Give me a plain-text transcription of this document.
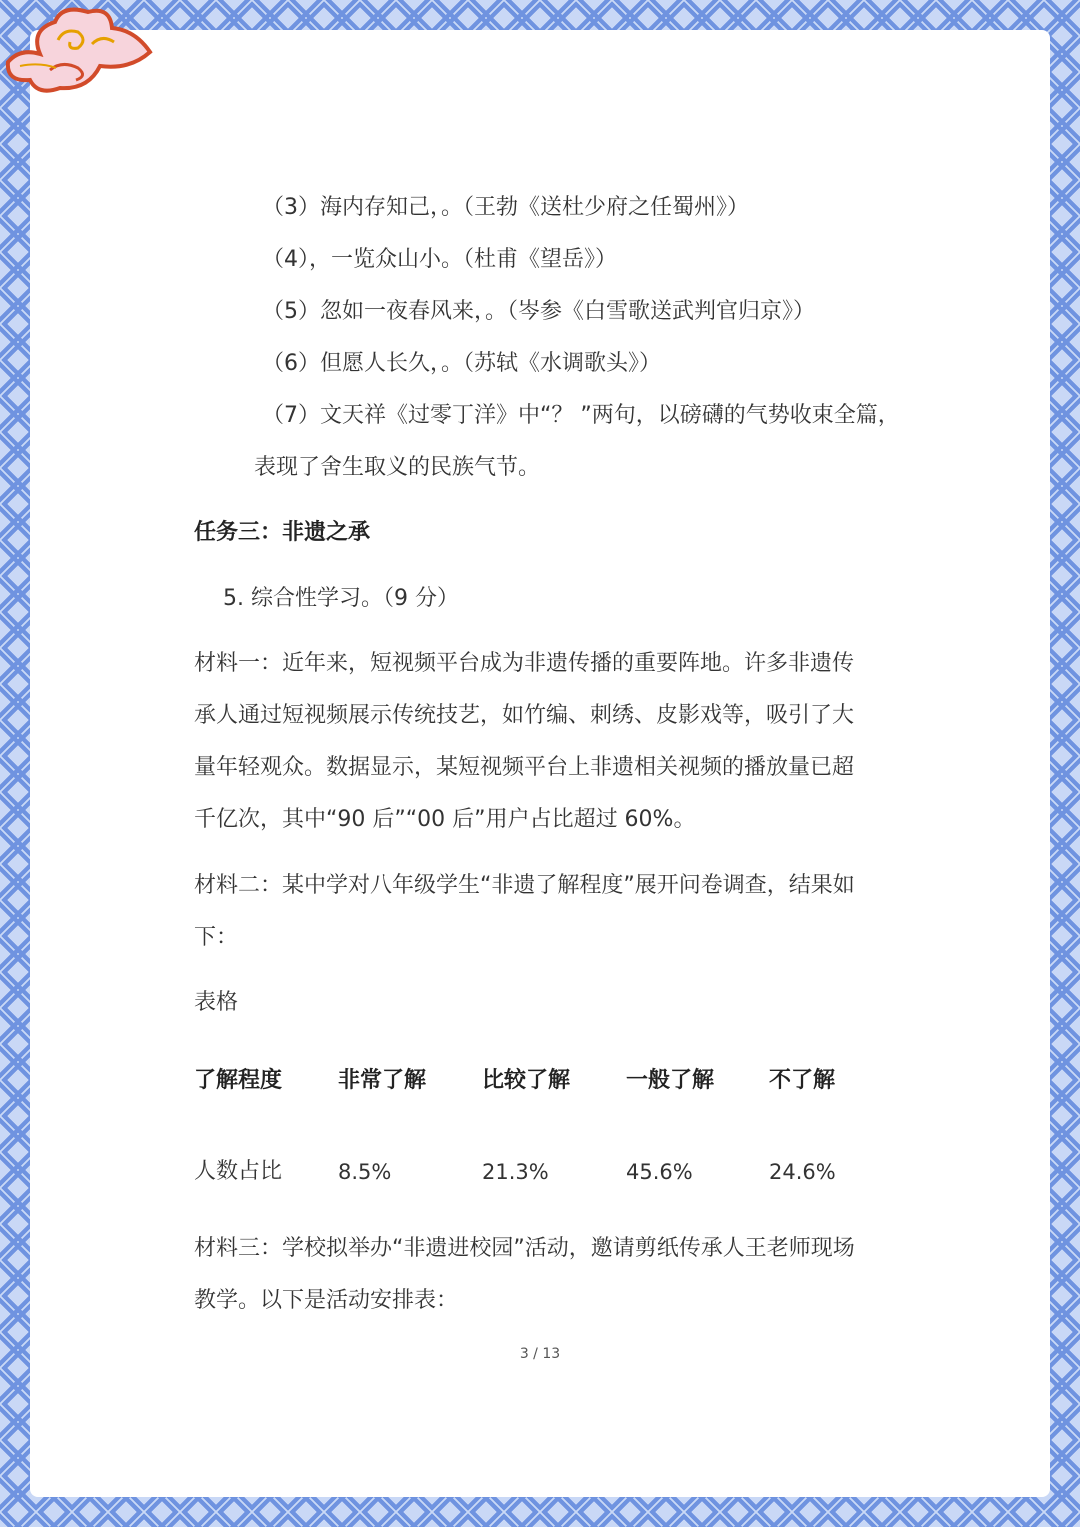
（3）海内存知己，。（王勃《送杜少府之任蜀州》）
（4），一览众山小。（杜甫《望岳》）
（5）忽如一夜春风来，。（岑参《白雪歌送武判官归京》）
（6）但愿人长久，。（苏轼《水调歌头》）
（7）文天祥《过零丁洋》中“？ ”两句，以磅礴的气势收束全篇，
表现了舍生取义的民族气节。
任务三：非遗之承
5. 综合性学习。（9 分）
材料一：近年来，短视频平台成为非遗传播的重要阵地。许多非遗传
承人通过短视频展示传统技艺，如竹编、刺绣、皮影戏等，吸引了大
量年轻观众。数据显示，某短视频平台上非遗相关视频的播放量已超
千亿次，其中“90 后”“00 后”用户占比超过 60%。
材料二：某中学对八年级学生“非遗了解程度”展开问卷调查，结果如
下：
表格
了解程度	非常了解	比较了解	一般了解 不了解
人数占比	8.5%	21.3%	45.6%	24.6%
材料三：学校拟举办“非遗进校园”活动，邀请剪纸传承人王老师现场
教学。以下是活动安排表：
3 / 13
